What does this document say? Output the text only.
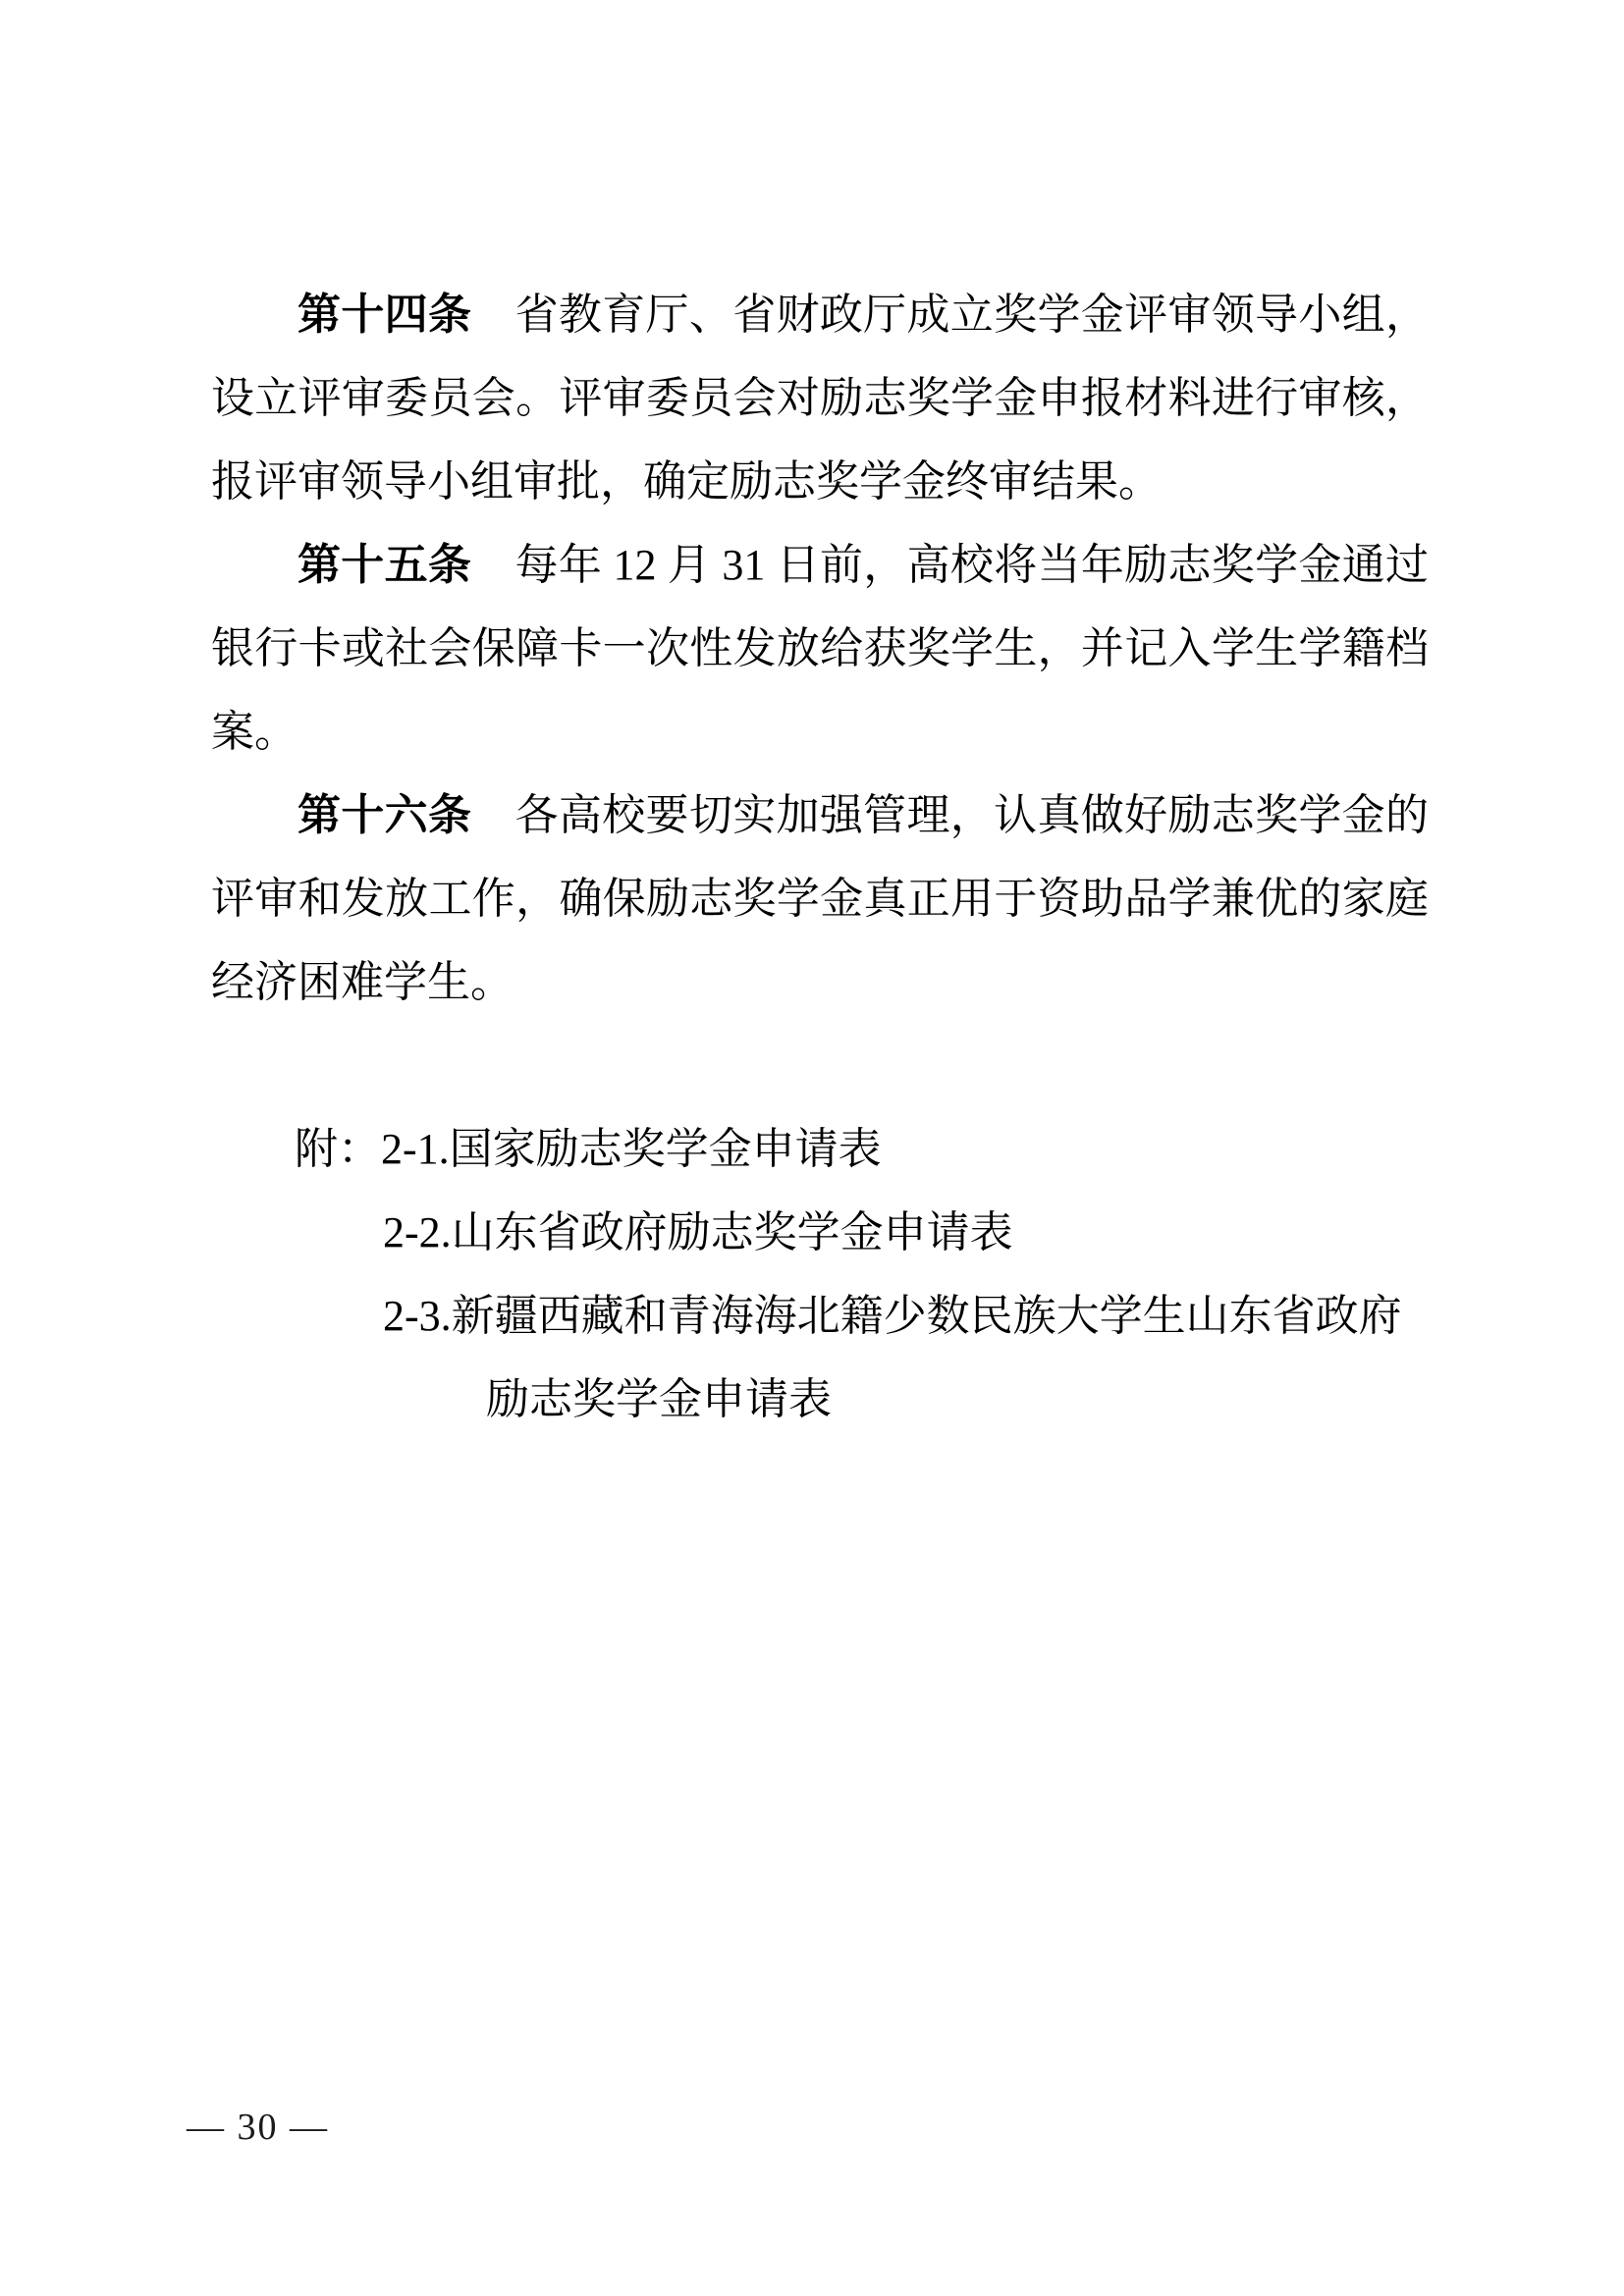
第十四条　省教育厅、省财政厅成立奖学金评审领导小组，设立评审委员会。评审委员会对励志奖学金申报材料进行审核，报评审领导小组审批，确定励志奖学金终审结果。

第十五条　每年 12 月 31 日前，高校将当年励志奖学金通过银行卡或社会保障卡一次性发放给获奖学生，并记入学生学籍档案。

第十六条　各高校要切实加强管理，认真做好励志奖学金的评审和发放工作，确保励志奖学金真正用于资助品学兼优的家庭经济困难学生。

附：2-1.国家励志奖学金申请表
2-2.山东省政府励志奖学金申请表
2-3.新疆西藏和青海海北籍少数民族大学生山东省政府
励志奖学金申请表
— 30 —
